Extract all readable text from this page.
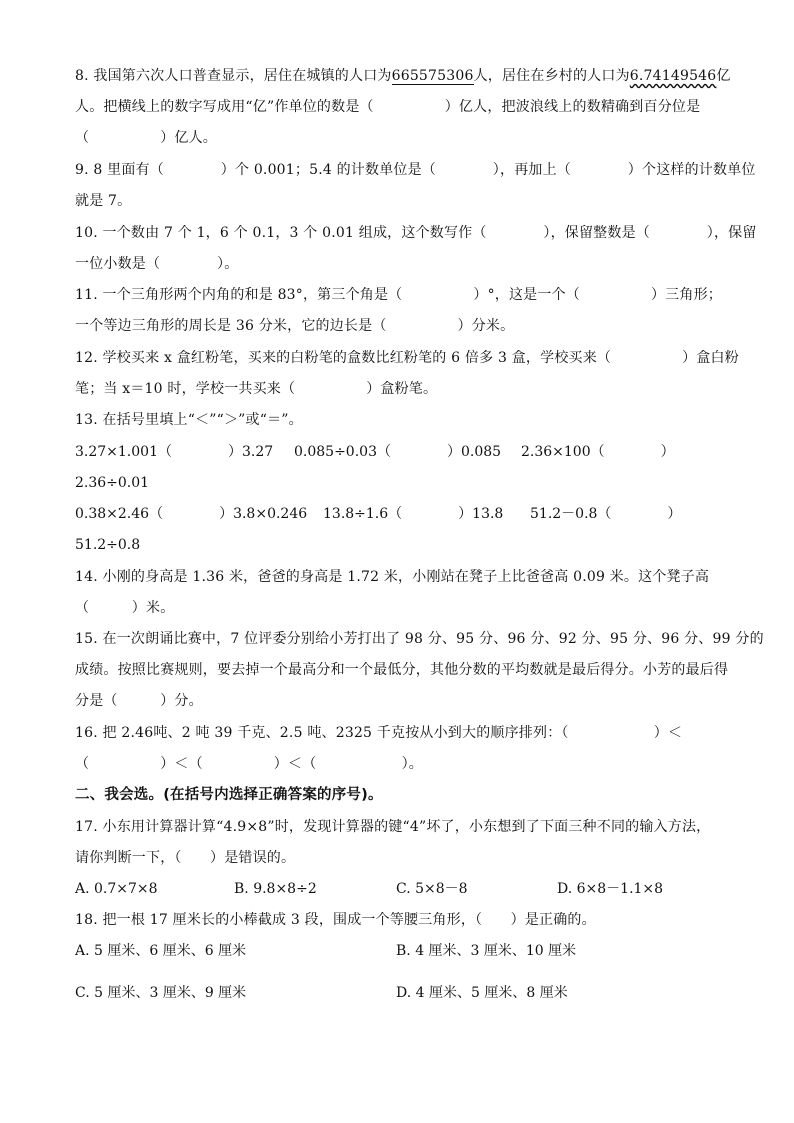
8. 我国第六次人口普查显示，居住在城镇的人口为665575306人，居住在乡村的人口为6.74149546亿
人。把横线上的数字写成用“亿”作单位的数是（　　　　　）亿人，把波浪线上的数精确到百分位是
（　　　　　）亿人。
9. 8 里面有（　　　　）个 0.001；5.4 的计数单位是（　　　　），再加上（　　　　）个这样的计数单位
就是 7。
10. 一个数由 7 个 1，6 个 0.1，3 个 0.01 组成，这个数写作（　　　　），保留整数是（　　　　），保留
一位小数是（　　　　）。
11. 一个三角形两个内角的和是 83°，第三个角是（　　　　　）°，这是一个（　　　　　）三角形；
一个等边三角形的周长是 36 分米，它的边长是（　　　　　）分米。
12. 学校买来 x 盒红粉笔，买来的白粉笔的盒数比红粉笔的 6 倍多 3 盒，学校买来（　　　　　）盒白粉
笔；当 x＝10 时，学校一共买来（　　　　　）盒粉笔。
13. 在括号里填上“＜”“＞”或“＝”。
3.27×1.001（　　　　）3.27 0.085÷0.03（　　　　）0.085 2.36×100（　　　　）
2.36÷0.01
0.38×2.46（　　　　）3.8×0.246 13.8÷1.6（　　　　）13.8 51.2－0.8（　　　　）
51.2÷0.8
14. 小刚的身高是 1.36 米，爸爸的身高是 1.72 米，小刚站在凳子上比爸爸高 0.09 米。这个凳子高
（　　　）米。
15. 在一次朗诵比赛中，7 位评委分别给小芳打出了 98 分、95 分、96 分、92 分、95 分、96 分、99 分的
成绩。按照比赛规则，要去掉一个最高分和一个最低分，其他分数的平均数就是最后得分。小芳的最后得
分是（　　　）分。
16. 把 2.46吨、2 吨 39 千克、2.5 吨、2325 千克按从小到大的顺序排列：（　　　　　　）＜
（　　　　　）＜（　　　　　）＜（　　　　　　）。
二、我会选。(在括号内选择正确答案的序号)。
17. 小东用计算器计算“4.9×8”时，发现计算器的键“4”坏了，小东想到了下面三种不同的输入方法，
请你判断一下，（　　）是错误的。
A. 0.7×7×8	B. 9.8×8÷2	C. 5×8－8	D. 6×8－1.1×8
18. 把一根 17 厘米长的小棒截成 3 段，围成一个等腰三角形，（　　）是正确的。
A. 5 厘米、6 厘米、6 厘米	B. 4 厘米、3 厘米、10 厘米
C. 5 厘米、3 厘米、9 厘米	D. 4 厘米、5 厘米、8 厘米
